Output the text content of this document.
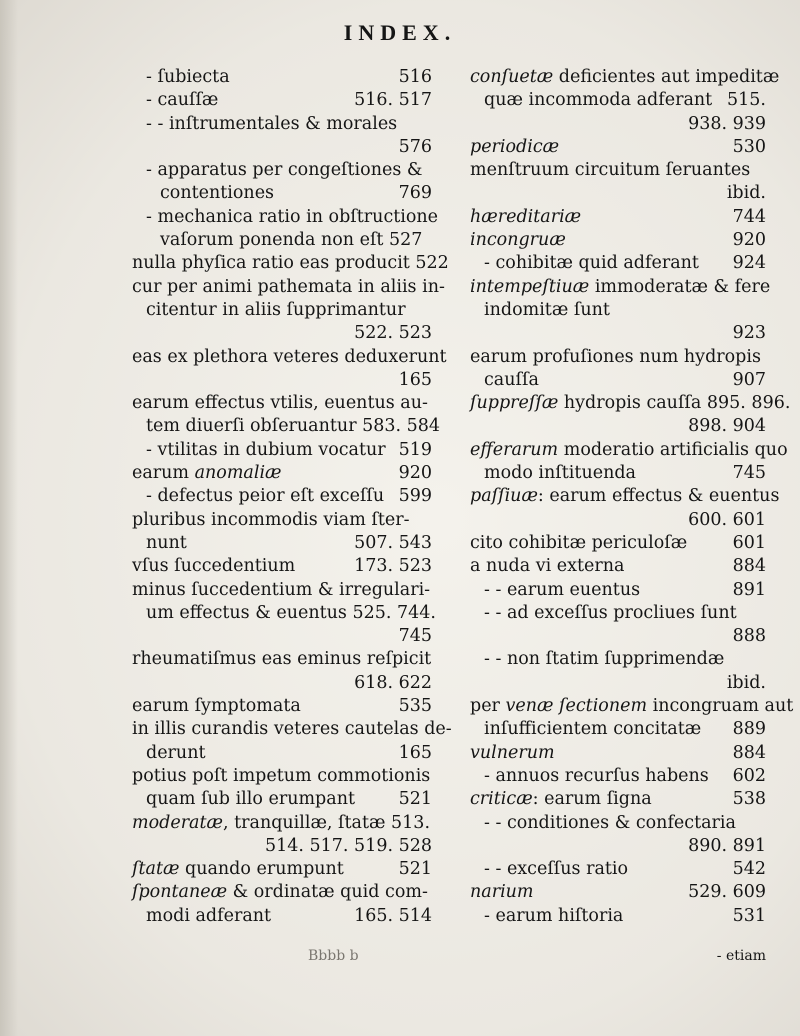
INDEX.
- ſubiecta	516
- cauſſæ	516. 517
- - inſtrumentales & morales
576
- apparatus per congeſtiones &
contentiones	769
- mechanica ratio in obſtructione
vaſorum ponenda non eſt 527
nulla phyſica ratio eas producit 522
cur per animi pathemata in aliis in-
citentur in aliis ſupprimantur
522. 523
eas ex plethora veteres deduxerunt
165
earum effectus vtilis, euentus au-
tem diuerſi obſeruantur 583. 584
- vtilitas in dubium vocatur 519
earum anomaliæ	920
- defectus peior eſt exceſſu 599
pluribus incommodis viam ſter-
nunt	507. 543
vſus ſuccedentium	173. 523
minus ſuccedentium & irregulari-
um effectus & euentus 525. 744.
745
rheumatiſmus eas eminus reſpicit
618. 622
earum ſymptomata	535
in illis curandis veteres cautelas de-
derunt	165
potius poſt impetum commotionis
quam ſub illo erumpant 521
moderatæ, tranquillæ, ſtatæ 513.
514. 517. 519. 528
ſtatæ quando erumpunt	521
ſpontaneæ & ordinatæ quid com-
modi adferant	165. 514
conſuetæ deficientes aut impeditæ
quæ incommoda adferant 515.
938. 939
periodicæ	530
menſtruum circuitum ſeruantes
ibid.
hæreditariæ	744
incongruæ	920
- cohibitæ quid adferant 924
intempeſtiuæ immoderatæ & fere
indomitæ ſunt
923
earum profuſiones num hydropis
cauſſa	907
ſuppreſſæ hydropis cauſſa 895. 896.
898. 904
efferarum moderatio artificialis quo
modo inſtituenda	745
paſſiuæ: earum effectus & euentus
600. 601
cito cohibitæ periculoſæ	601
a nuda vi externa	884
- - earum euentus	891
- - ad exceſſus procliues ſunt
888
- - non ſtatim ſupprimendæ
ibid.
per venæ ſectionem incongruam aut
inſufficientem concitatæ 889
vulnerum	884
- annuos recurſus habens 602
criticæ: earum ſigna	538
- - conditiones & confectaria
890. 891
- - exceſſus ratio	542
narium	529. 609
- earum hiſtoria	531
Bbbb b	- etiam
